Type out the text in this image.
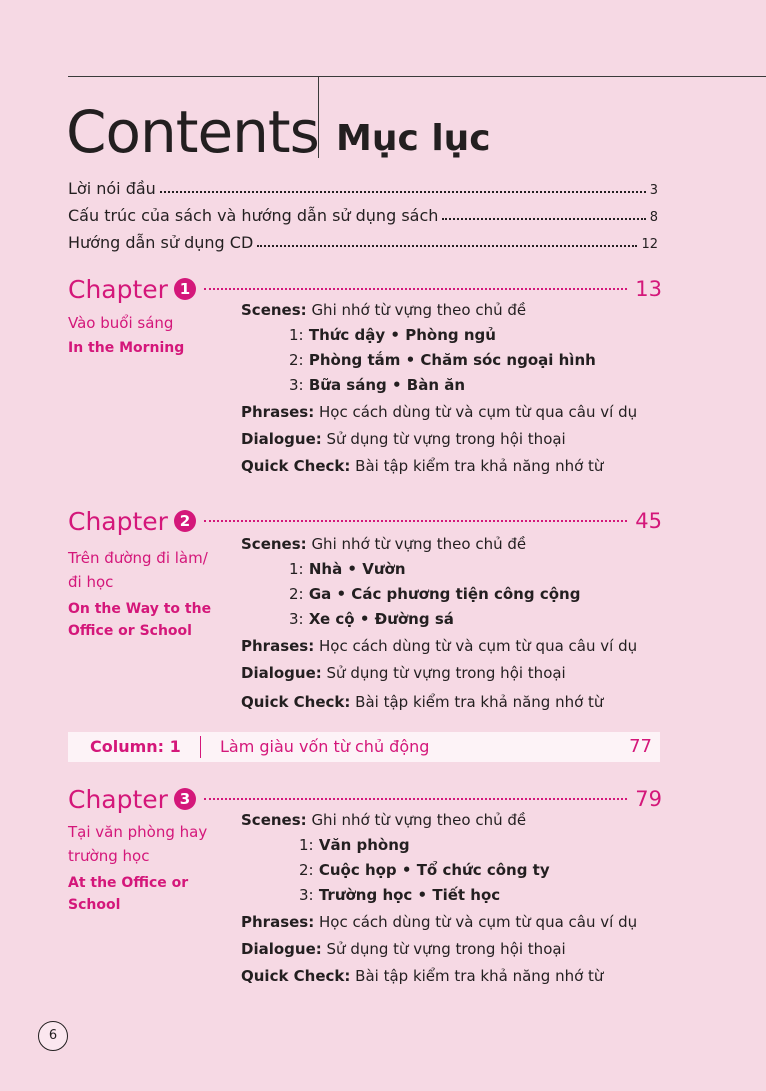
Contents Mục lục
Lời nói đầu	3
Cấu trúc của sách và hướng dẫn sử dụng sách	8
Hướng dẫn sử dụng CD	12
Chapter 1	13
Vào buổi sáng
In the Morning
Scenes: Ghi nhớ từ vựng theo chủ đề
1: Thức dậy • Phòng ngủ
2: Phòng tắm • Chăm sóc ngoại hình
3: Bữa sáng • Bàn ăn
Phrases: Học cách dùng từ và cụm từ qua câu ví dụ
Dialogue: Sử dụng từ vựng trong hội thoại
Quick Check: Bài tập kiểm tra khả năng nhớ từ
Chapter 2	45
Trên đường đi làm/
đi học
On the Way to the
Office or School
Scenes: Ghi nhớ từ vựng theo chủ đề
1: Nhà • Vườn
2: Ga • Các phương tiện công cộng
3: Xe cộ • Đường sá
Phrases: Học cách dùng từ và cụm từ qua câu ví dụ
Dialogue: Sử dụng từ vựng trong hội thoại
Quick Check: Bài tập kiểm tra khả năng nhớ từ
Column: 1 Làm giàu vốn từ chủ động	77
Chapter 3	79
Tại văn phòng hay
trường học
At the Office or School
Scenes: Ghi nhớ từ vựng theo chủ đề
1: Văn phòng
2: Cuộc họp • Tổ chức công ty
3: Trường học • Tiết học
Phrases: Học cách dùng từ và cụm từ qua câu ví dụ
Dialogue: Sử dụng từ vựng trong hội thoại
Quick Check: Bài tập kiểm tra khả năng nhớ từ
6
